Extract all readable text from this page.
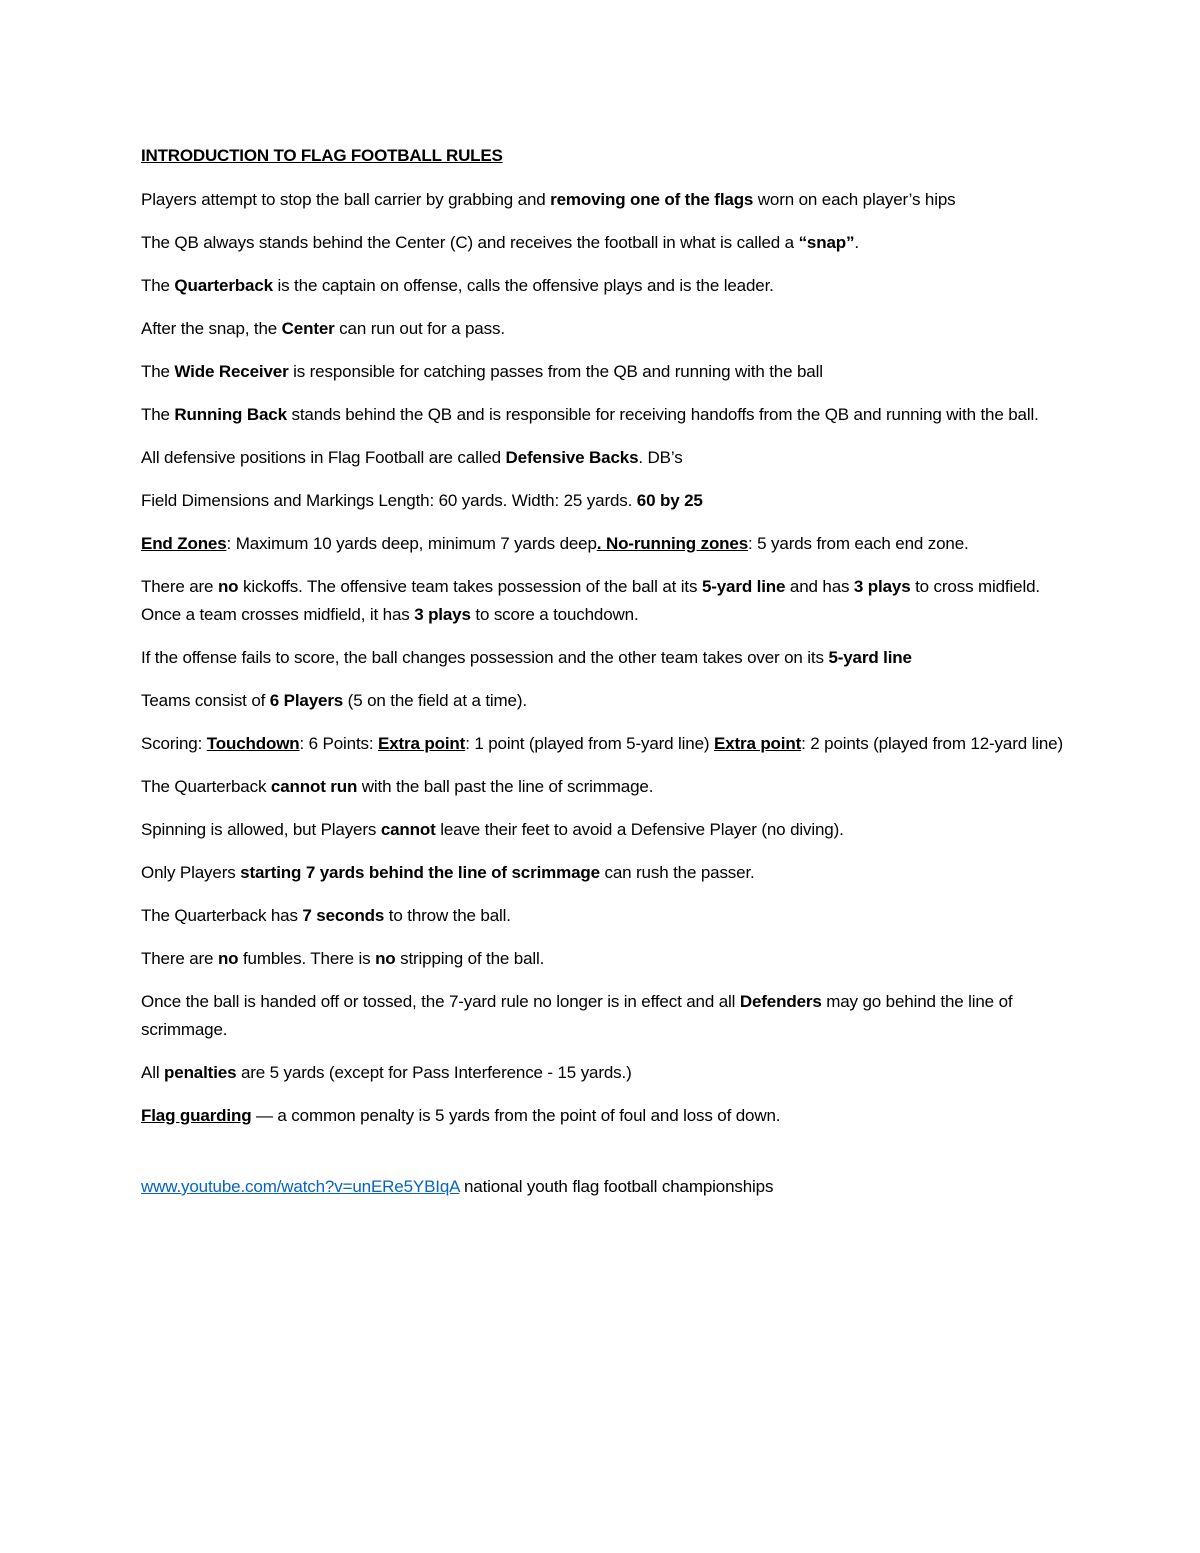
INTRODUCTION TO FLAG FOOTBALL RULES

Players attempt to stop the ball carrier by grabbing and removing one of the flags worn on each player’s hips

The QB always stands behind the Center (C) and receives the football in what is called a “snap”.

The Quarterback is the captain on offense, calls the offensive plays and is the leader.

After the snap, the Center can run out for a pass.

The Wide Receiver is responsible for catching passes from the QB and running with the ball

The Running Back stands behind the QB and is responsible for receiving handoffs from the QB and running with the ball.

All defensive positions in Flag Football are called Defensive Backs. DB’s

Field Dimensions and Markings Length: 60 yards. Width: 25 yards. 60 by 25

End Zones: Maximum 10 yards deep, minimum 7 yards deep. No-running zones: 5 yards from each end zone.

There are no kickoffs. The offensive team takes possession of the ball at its 5-yard line and has 3 plays to cross midfield. Once a team crosses midfield, it has 3 plays to score a touchdown.

If the offense fails to score, the ball changes possession and the other team takes over on its 5-yard line

Teams consist of 6 Players (5 on the field at a time).

Scoring: Touchdown: 6 Points: Extra point: 1 point (played from 5-yard line) Extra point: 2 points (played from 12-yard line)

The Quarterback cannot run with the ball past the line of scrimmage.

Spinning is allowed, but Players cannot leave their feet to avoid a Defensive Player (no diving).

Only Players starting 7 yards behind the line of scrimmage can rush the passer.

The Quarterback has 7 seconds to throw the ball.

There are no fumbles. There is no stripping of the ball.

Once the ball is handed off or tossed, the 7-yard rule no longer is in effect and all Defenders may go behind the line of scrimmage.

All penalties are 5 yards (except for Pass Interference - 15 yards.)

Flag guarding — a common penalty is 5 yards from the point of foul and loss of down.

www.youtube.com/watch?v=unERe5YBIqA national youth flag football championships
